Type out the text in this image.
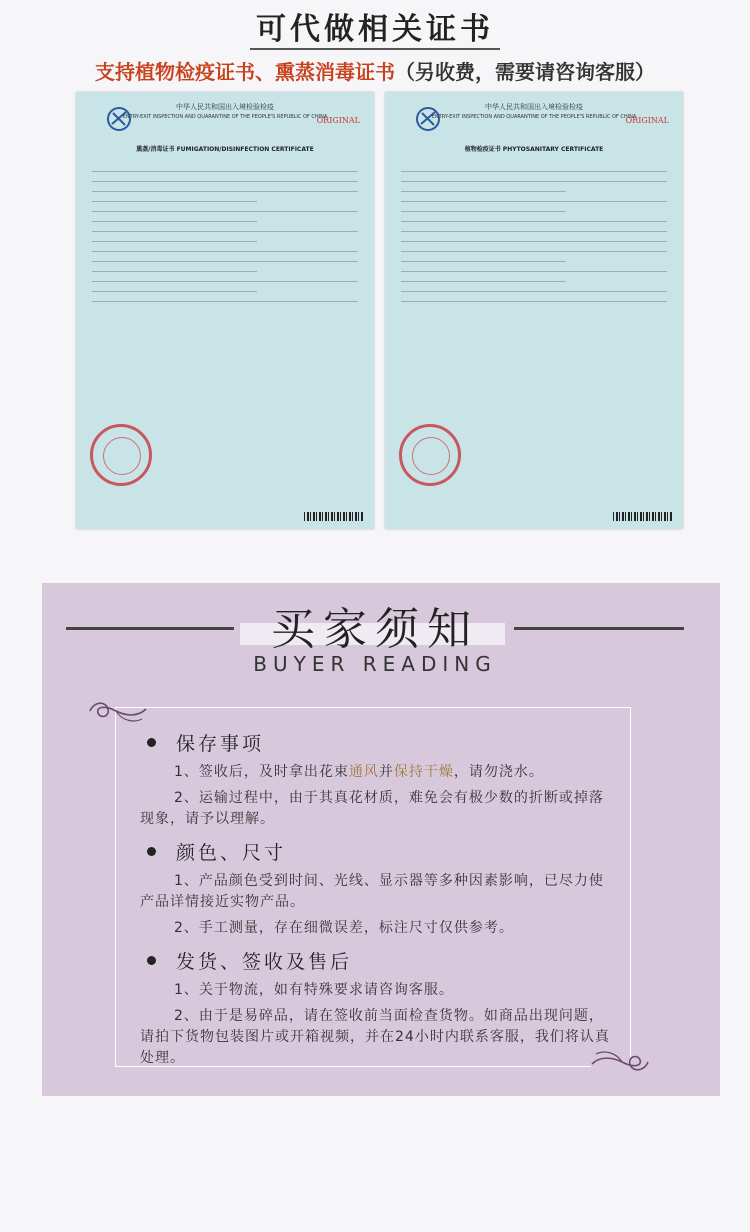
可代做相关证书
支持植物检疫证书、熏蒸消毒证书（另收费，需要请咨询客服）
中华人民共和国出入境检验检疫
ENTRY-EXIT INSPECTION AND QUARANTINE OF THE PEOPLE'S REPUBLIC OF CHINA
ORIGINAL
熏蒸/消毒证书 FUMIGATION/DISINFECTION CERTIFICATE
中华人民共和国出入境检验检疫
ENTRY-EXIT INSPECTION AND QUARANTINE OF THE PEOPLE'S REPUBLIC OF CHINA
ORIGINAL
植物检疫证书 PHYTOSANITARY CERTIFICATE
买家须知
BUYER READING
保存事项
1、签收后，及时拿出花束通风并保持干燥，请勿浇水。
2、运输过程中，由于其真花材质，难免会有极少数的折断或掉落现象，请予以理解。
颜色、尺寸
1、产品颜色受到时间、光线、显示器等多种因素影响，已尽力使产品详情接近实物产品。
2、手工测量，存在细微误差，标注尺寸仅供参考。
发货、签收及售后
1、关于物流，如有特殊要求请咨询客服。
2、由于是易碎品，请在签收前当面检查货物。如商品出现问题，请拍下货物包装图片或开箱视频，并在24小时内联系客服，我们将认真处理。
